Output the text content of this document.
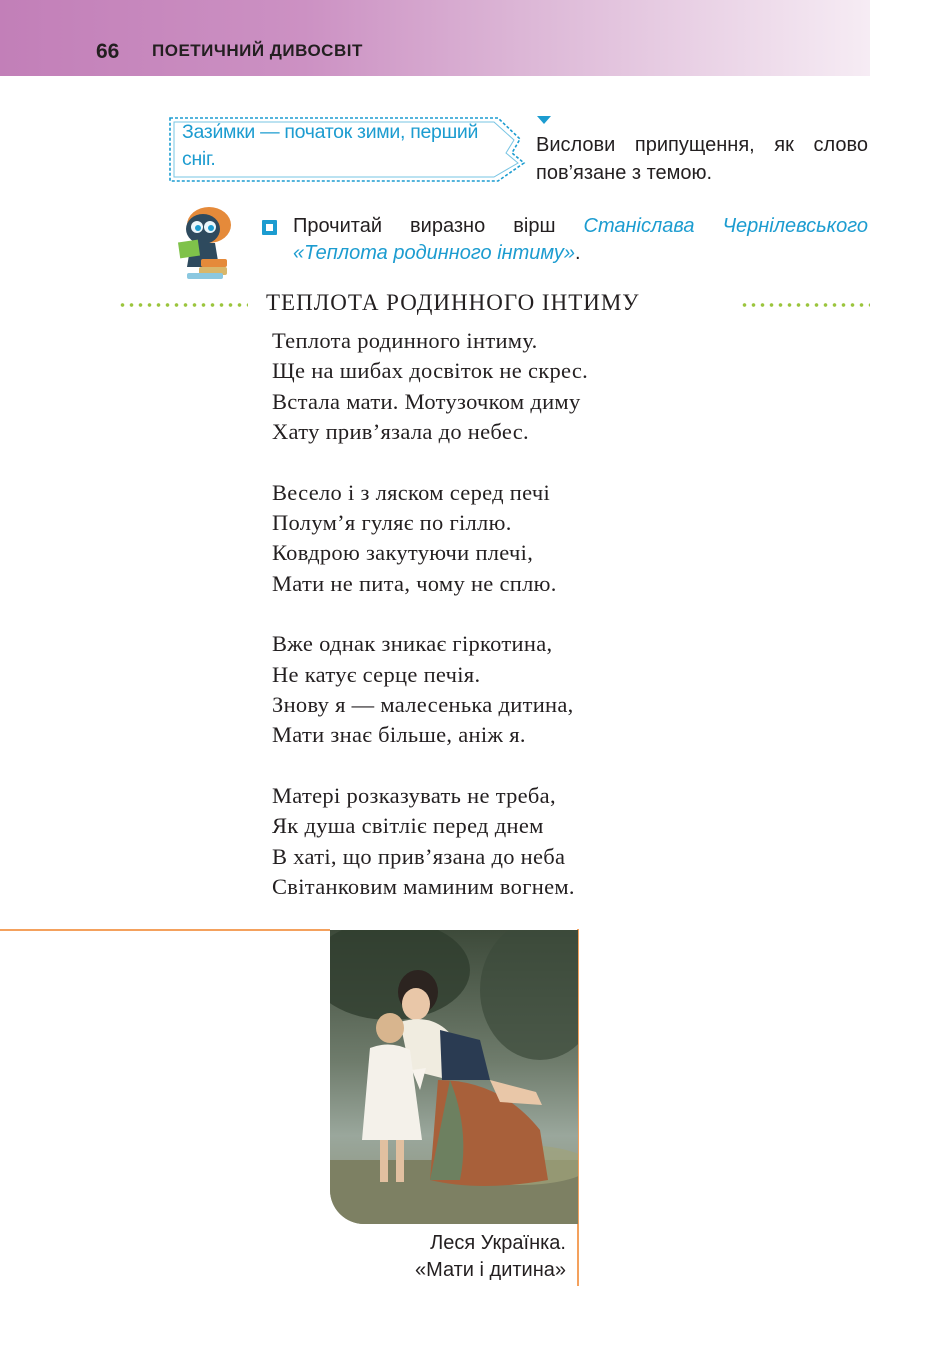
66 ПОЕТИЧНИЙ ДИВОСВІТ
Зази́мки — початок зими, перший сніг.
Вислови припущення, як слово пов’язане з темою.
Прочитай виразно вірш Станіслава Чернілевського «Теплота родинного інтиму».
ТЕПЛОТА РОДИННОГО ІНТИМУ
Теплота родинного інтиму.
Ще на шибах досвіток не скрес.
Встала мати. Мотузочком диму
Хату прив’язала до небес.
Весело і з ляском серед печі
Полум’я гуляє по гіллю.
Ковдрою закутуючи плечі,
Мати не пита, чому не сплю.
Вже однак зникає гіркотина,
Не катує серце печія.
Знову я — малесенька дитина,
Мати знає більше, аніж я.
Матері розказувать не треба,
Як душа світліє перед днем
В хаті, що прив’язана до неба
Світанковим маминим вогнем.
Леся Українка.
«Мати і дитина»
